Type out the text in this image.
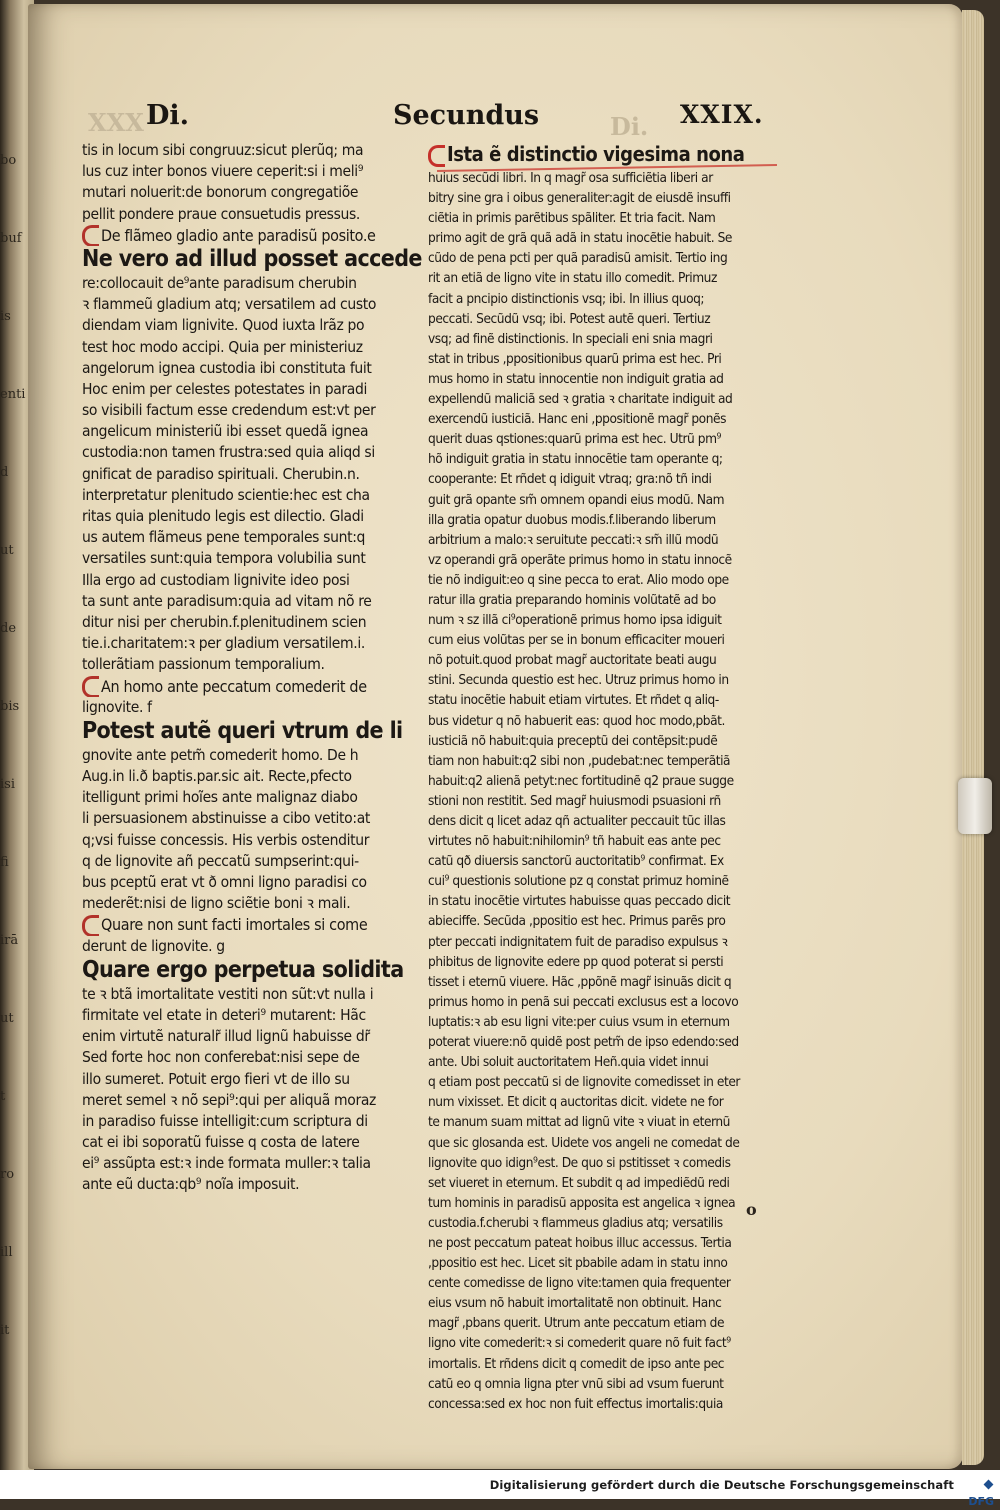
bo
buf
is
enti
d
ut
de
bis
isi
fi
irā
ut
t
ro
ill
it
XXX	Di.
Di.	Secundus	XXIX.
tis in locum sibi congruuz:sicut plerũq; ma
lus cuz inter bonos viuere ceperit:si i meli⁹
mutari noluerit:de bonorum congregatiõe
pellit pondere praue consuetudis pressus.
De flãmeo gladio ante paradisũ posito.e
Ne vero ad illud posset accede
re:collocauit de⁹ante paradisum cherubin
ꝛ flammeũ gladium atq; versatilem ad custo
diendam viam lignivite. Quod iuxta lrãz po
test hoc modo accipi. Quia per ministeriuz
angelorum ignea custodia ibi constituta fuit
Hoc enim per celestes potestates in paradi
so visibili factum esse credendum est:vt per
angelicum ministeriũ ibi esset quedã ignea
custodia:non tamen frustra:sed quia aliqd si
gnificat de paradiso spirituali. Cherubin.n.
interpretatur plenitudo scientie:hec est cha
ritas quia plenitudo legis est dilectio. Gladi
us autem flãmeus pene temporales sunt:q
versatiles sunt:quia tempora volubilia sunt
Illa ergo ad custodiam lignivite ideo posi
ta sunt ante paradisum:quia ad vitam nõ re
ditur nisi per cherubin.f.plenitudinem scien
tie.i.charitatem:ꝛ per gladium versatilem.i.
tollerãtiam passionum temporalium.
An homo ante peccatum comederit de
lignovite. f
Potest autẽ queri vtrum de li
gnovite ante petm̃ comederit homo. De h
Aug.in li.ð baptis.par.sic ait. Recte,pfecto
itelligunt primi hoĩes ante malignaz diabo
li persuasionem abstinuisse a cibo vetito:at
q;vsi fuisse concessis. His verbis ostenditur
q de lignovite añ peccatũ sumpserint:qui-
bus pceptũ erat vt ð omni ligno paradisi co
mederẽt:nisi de ligno sciẽtie boni ꝛ mali.
Quare non sunt facti imortales si come
derunt de lignovite. g
Quare ergo perpetua solidita
te ꝛ btã imortalitate vestiti non sũt:vt nulla i
firmitate vel etate in deteri⁹ mutarent: Hãc
enim virtutẽ naturalr̃ illud lignũ habuisse dr̃
Sed forte hoc non conferebat:nisi sepe de
illo sumeret. Potuit ergo fieri vt de illo su
meret semel ꝛ nõ sepi⁹:qui per aliquã moraz
in paradiso fuisse intelligit:cum scriptura di
cat ei ibi soporatũ fuisse q costa de latere
ei⁹ assũpta est:ꝛ inde formata muller:ꝛ talia
ante eũ ducta:qb⁹ noĩa imposuit.
Ista ẽ distinctio vigesima nona
huius secũdi libri. In q magr̃ osa sufficiẽtia liberi ar
bitry sine gra i oibus generaliter:agit de eiusdẽ insuffi
ciẽtia in primis parẽtibus spãliter. Et tria facit. Nam
primo agit de grã quã adã in statu inocẽtie habuit. Se
cũdo de pena pcti per quã paradisũ amisit. Tertio ing
rit an etiã de ligno vite in statu illo comedit. Primuz
facit a pncipio distinctionis vsq; ibi. In illius quoq;
peccati. Secũdũ vsq; ibi. Potest autẽ queri. Tertiuz
vsq; ad finẽ distinctionis. In speciali eni snia magri
stat in tribus ,ppositionibus quarũ prima est hec. Pri
mus homo in statu innocentie non indiguit gratia ad
expellendũ maliciã sed ꝛ gratia ꝛ charitate indiguit ad
exercendũ iusticiã. Hanc eni ,ppositionẽ magr̃ ponẽs
querit duas qstiones:quarũ prima est hec. Utrũ pm⁹
hõ indiguit gratia in statu innocẽtie tam operante q;
cooperante: Et rñdet q idiguit vtraq; gra:nõ tñ indi
guit grã opante sm̃ omnem opandi eius modũ. Nam
illa gratia opatur duobus modis.f.liberando liberum
arbitrium a malo:ꝛ seruitute peccati:ꝛ sm̃ illũ modũ
vz operandi grã operãte primus homo in statu innocẽ
tie nõ indiguit:eo q sine pecca to erat. Alio modo ope
ratur illa gratia preparando hominis volũtatẽ ad bo
num ꝛ sz illã ci⁹operationẽ primus homo ipsa idiguit
cum eius volũtas per se in bonum efficaciter moueri
nõ potuit.quod probat magr̃ auctoritate beati augu
stini. Secunda questio est hec. Utruz primus homo in
statu inocẽtie habuit etiam virtutes. Et rñdet q aliq-
bus videtur q nõ habuerit eas: quod hoc modo,pbãt.
iusticiã nõ habuit:quia preceptũ dei contẽpsit:pudẽ
tiam non habuit:q2 sibi non ,pudebat:nec temperãtiã
habuit:q2 alienã petyt:nec fortitudinẽ q2 praue sugge
stioni non restitit. Sed magr̃ huiusmodi psuasioni rñ
dens dicit q licet adaz qñ actualiter peccauit tũc illas
virtutes nõ habuit:nihilomin⁹ tñ habuit eas ante pec
catũ qð diuersis sanctorũ auctoritatib⁹ confirmat. Ex
cui⁹ questionis solutione pz q constat primuz hominẽ
in statu inocẽtie virtutes habuisse quas peccado dicit
abieciffe. Secũda ,ppositio est hec. Primus parẽs pro
pter peccati indignitatem fuit de paradiso expulsus ꝛ
phibitus de lignovite edere pp quod poterat si persti
tisset i eternũ viuere. Hãc ,ppõnẽ magr̃ isinuãs dicit q
primus homo in penã sui peccati exclusus est a locovo
luptatis:ꝛ ab esu ligni vite:per cuius vsum in eternum
poterat viuere:nõ quidẽ post petm̃ de ipso edendo:sed
ante. Ubi soluit auctoritatem Heñ.quia videt innui
q etiam post peccatũ si de lignovite comedisset in eter
num vixisset. Et dicit q auctoritas dicit. videte ne for
te manum suam mittat ad lignũ vite ꝛ viuat in eternũ
que sic glosanda est. Uidete vos angeli ne comedat de
lignovite quo idign⁹est. De quo si pstitisset ꝛ comedis
set viueret in eternum. Et subdit q ad impediẽdũ redi
tum hominis in paradisũ apposita est angelica ꝛ ignea
custodia.f.cherubi ꝛ flammeus gladius atq; versatilis
ne post peccatum pateat hoibus illuc accessus. Tertia
,ppositio est hec. Licet sit pbabile adam in statu inno
cente comedisse de ligno vite:tamen quia frequenter
eius vsum nõ habuit imortalitatẽ non obtinuit. Hanc
magr̃ ,pbans querit. Utrum ante peccatum etiam de
ligno vite comederit:ꝛ si comederit quare nõ fuit fact⁹
imortalis. Et rñdens dicit q comedit de ipso ante pec
catũ eo q omnia ligna pter vnũ sibi ad vsum fuerunt
concessa:sed ex hoc non fuit effectus imortalis:quia
o
Digitalisierung gefördert durch die Deutsche Forschungsgemeinschaft
DFG
